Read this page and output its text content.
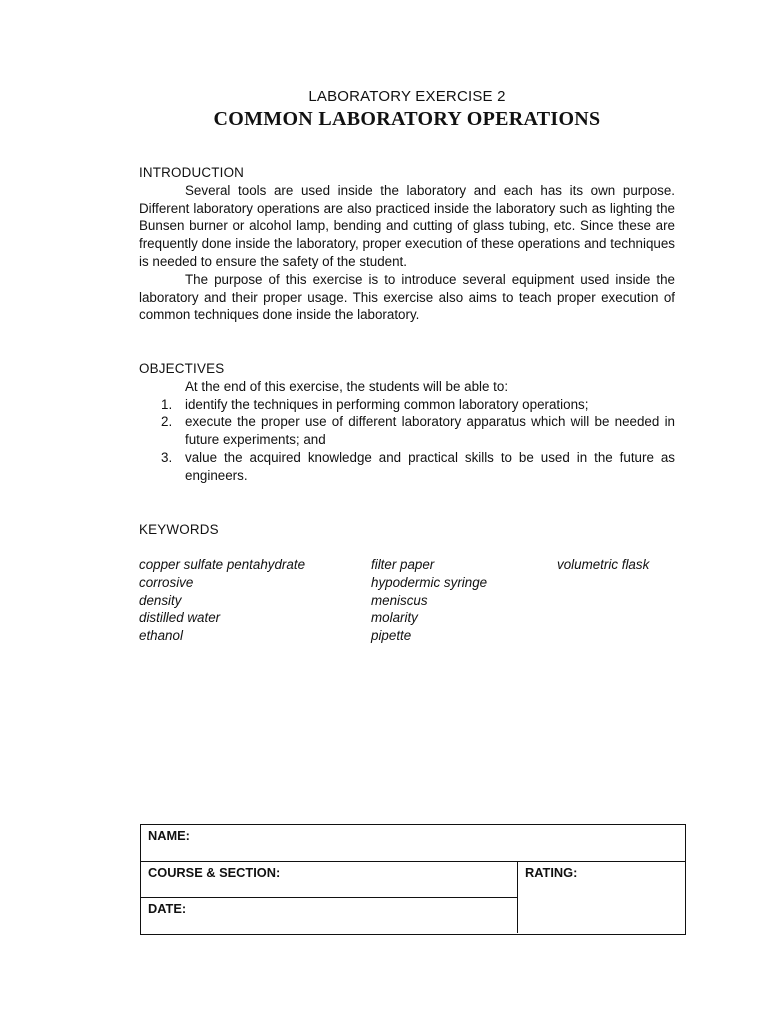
LABORATORY EXERCISE 2
COMMON LABORATORY OPERATIONS
INTRODUCTION

Several tools are used inside the laboratory and each has its own purpose. Different laboratory operations are also practiced inside the laboratory such as lighting the Bunsen burner or alcohol lamp, bending and cutting of glass tubing, etc. Since these are frequently done inside the laboratory, proper execution of these operations and techniques is needed to ensure the safety of the student.

The purpose of this exercise is to introduce several equipment used inside the laboratory and their proper usage. This exercise also aims to teach proper execution of common techniques done inside the laboratory.

OBJECTIVES
At the end of this exercise, the students will be able to:
1. identify the techniques in performing common laboratory operations;
2. execute the proper use of different laboratory apparatus which will be needed in future experiments; and
3. value the acquired knowledge and practical skills to be used in the future as engineers.
KEYWORDS
copper sulfate pentahydrate
corrosive
density
distilled water
ethanol
filter paper
hypodermic syringe
meniscus
molarity
pipette
volumetric flask
NAME:
COURSE & SECTION:
DATE:
RATING:
